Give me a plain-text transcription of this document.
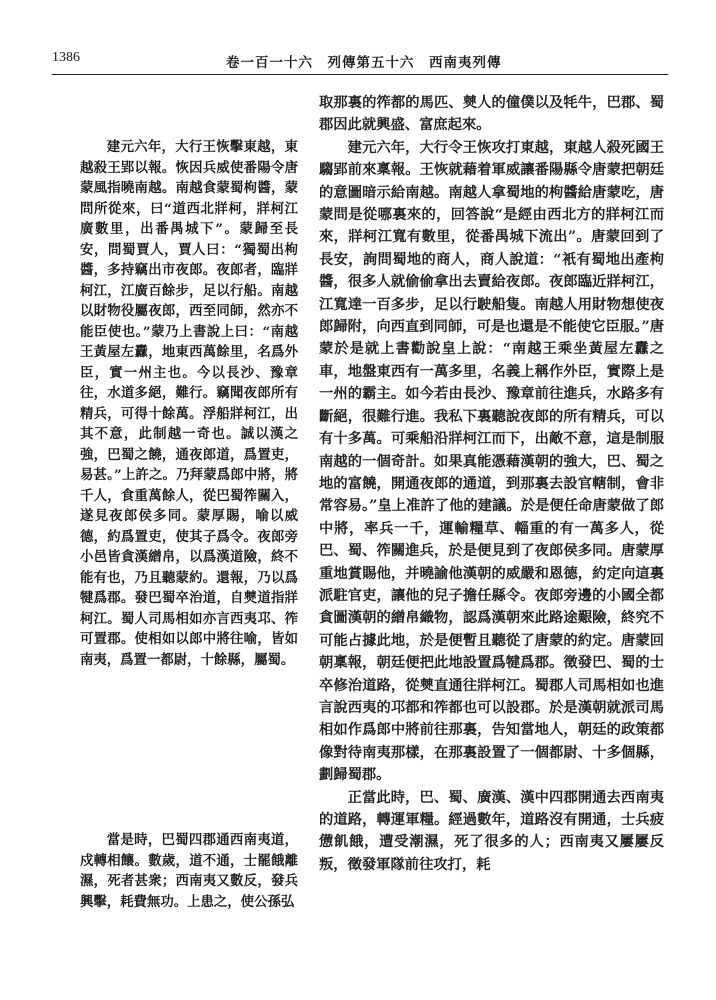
1386	卷一百一十六　列傳第五十六　西南夷列傳

建元六年，大行王恢擊東越，東越殺王郢以報。恢因兵威使番陽令唐蒙風指曉南越。南越食蒙蜀枸醬，蒙問所從來，曰“道西北牂柯，牂柯江廣數里，出番禺城下”。蒙歸至長安，問蜀賈人，賈人曰：“獨蜀出枸醬，多持竊出市夜郎。夜郎者，臨牂柯江，江廣百餘步，足以行船。南越以財物役屬夜郎，西至同師，然亦不能臣使也。”蒙乃上書說上曰：“南越王黃屋左纛，地東西萬餘里，名爲外臣，實一州主也。今以長沙、豫章往，水道多絕，難行。竊聞夜郎所有精兵，可得十餘萬。浮船牂柯江，出其不意，此制越一奇也。誠以漢之強，巴蜀之饒，通夜郎道，爲置吏，易甚。”上許之。乃拜蒙爲郎中將，將千人，食重萬餘人，從巴蜀筰關入，遂見夜郎侯多同。蒙厚賜，喻以威德，約爲置吏，使其子爲令。夜郎旁小邑皆貪漢繒帛，以爲漢道險，終不能有也，乃且聽蒙約。還報，乃以爲犍爲郡。發巴蜀卒治道，自僰道指牂柯江。蜀人司馬相如亦言西夷邛、筰可置郡。使相如以郎中將往喻，皆如南夷，爲置一都尉，十餘縣，屬蜀。

當是時，巴蜀四郡通西南夷道，戍轉相饟。數歲，道不通，士罷餓離濕，死者甚衆；西南夷又數反，發兵興擊，耗費無功。上患之，使公孫弘

取那裏的筰都的馬匹、僰人的僮僕以及牦牛，巴郡、蜀郡因此就興盛、富庶起來。

建元六年，大行令王恢攻打東越，東越人殺死國王騶郢前來稟報。王恢就藉着軍威讓番陽縣令唐蒙把朝廷的意圖暗示給南越。南越人拿蜀地的枸醬給唐蒙吃，唐蒙問是從哪裏來的，回答說“是經由西北方的牂柯江而來，牂柯江寬有數里，從番禺城下流出”。唐蒙回到了長安，詢問蜀地的商人，商人說道：“衹有蜀地出產枸醬，很多人就偷偷拿出去賣給夜郎。夜郎臨近牂柯江，江寬達一百多步，足以行駛船隻。南越人用財物想使夜郎歸附，向西直到同師，可是也還是不能使它臣服。”唐蒙於是就上書勸說皇上說：“南越王乘坐黃屋左纛之車，地盤東西有一萬多里，名義上稱作外臣，實際上是一州的霸主。如今若由長沙、豫章前往進兵，水路多有斷絕，很難行進。我私下裏聽說夜郎的所有精兵，可以有十多萬。可乘船沿牂柯江而下，出敵不意，這是制服南越的一個奇計。如果真能憑藉漢朝的強大，巴、蜀之地的富饒，開通夜郎的通道，到那裏去設官轄制，會非常容易。”皇上准許了他的建議。於是便任命唐蒙做了郎中將，率兵一千，運輸糧草、輜重的有一萬多人，從巴、蜀、筰關進兵，於是便見到了夜郎侯多同。唐蒙厚重地賞賜他，并曉諭他漢朝的威嚴和恩德，約定向這裏派駐官吏，讓他的兒子擔任縣令。夜郎旁邊的小國全都貪圖漢朝的繒帛織物，認爲漢朝來此路途艱險，終究不可能占據此地，於是便暫且聽從了唐蒙的約定。唐蒙回朝稟報，朝廷便把此地設置爲犍爲郡。徵發巴、蜀的士卒修治道路，從僰直通往牂柯江。蜀郡人司馬相如也進言說西夷的邛都和筰都也可以設郡。於是漢朝就派司馬相如作爲郎中將前往那裏，告知當地人，朝廷的政策都像對待南夷那樣，在那裏設置了一個都尉、十多個縣，劃歸蜀郡。

正當此時，巴、蜀、廣漢、漢中四郡開通去西南夷的道路，轉運軍糧。經過數年，道路沒有開通，士兵疲憊飢餓，遭受潮濕，死了很多的人；西南夷又屢屢反叛，徵發軍隊前往攻打，耗
